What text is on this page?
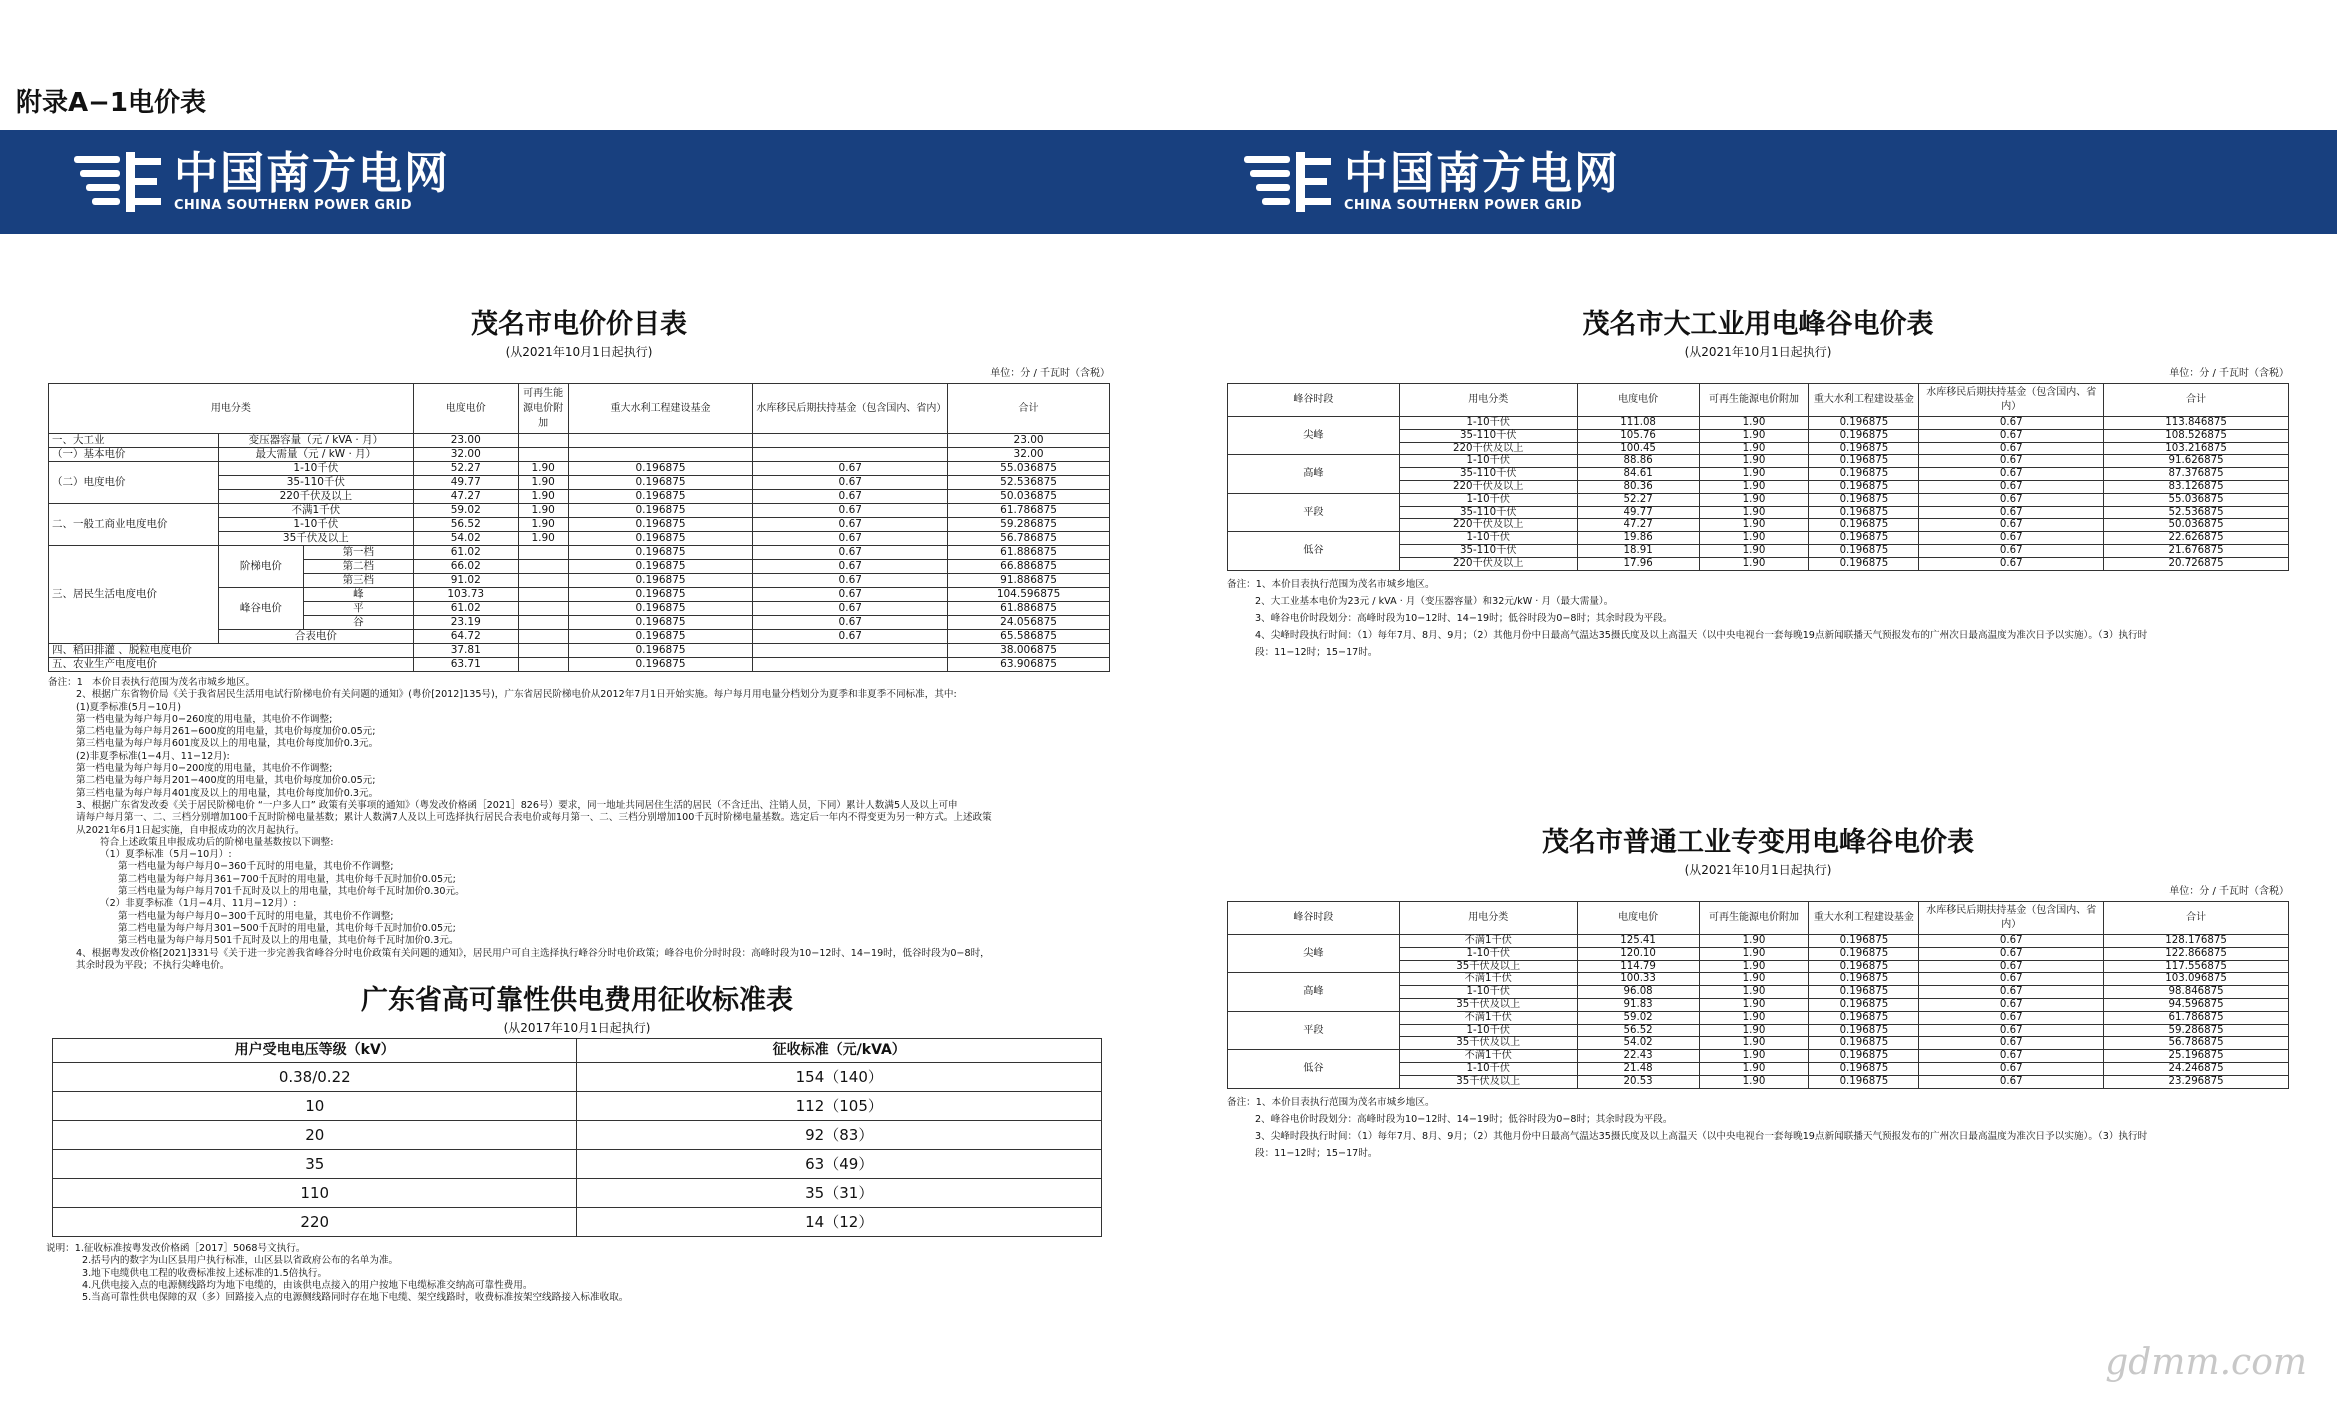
附录A−1电价表
中国南方电网
CHINA SOUTHERN POWER GRID
中国南方电网
CHINA SOUTHERN POWER GRID
茂名市电价价目表
(从2021年10月1日起执行)
单位：分 / 千瓦时（含税）
用电分类			电度电价	可再生能源电价附加	重大水利工程建设基金	水库移民后期扶持基金（包含国内、省内）	合计
一、大工业	变压器容量（元 / kVA · 月）		23.00				23.00
（一）基本电价	最大需量（元 / kW · 月）		32.00				32.00
（二）电度电价	1-10千伏		52.27	1.90	0.196875	0.67	55.036875
	35-110千伏		49.77	1.90	0.196875	0.67	52.536875
	220千伏及以上		47.27	1.90	0.196875	0.67	50.036875
二、一般工商业电度电价	不满1千伏		59.02	1.90	0.196875	0.67	61.786875
	1-10千伏		56.52	1.90	0.196875	0.67	59.286875
	35千伏及以上		54.02	1.90	0.196875	0.67	56.786875
三、居民生活电度电价	阶梯电价	第一档	61.02		0.196875	0.67	61.886875
		第二档	66.02		0.196875	0.67	66.886875
		第三档	91.02		0.196875	0.67	91.886875
	峰谷电价	峰	103.73		0.196875	0.67	104.596875
		平	61.02		0.196875	0.67	61.886875
		谷	23.19		0.196875	0.67	24.056875
	合表电价		64.72		0.196875	0.67	65.586875
四、稻田排灌 、脱粒电度电价			37.81		0.196875		38.006875
五、农业生产电度电价			63.71		0.196875		63.906875
备注：1   本价目表执行范围为茂名市城乡地区。
2、根据广东省物价局《关于我省居民生活用电试行阶梯电价有关问题的通知》(粤价[2012]135号)，广东省居民阶梯电价从2012年7月1日开始实施。每户每月用电量分档划分为夏季和非夏季不同标准，其中:
(1)夏季标准(5月−10月)
第一档电量为每户每月0−260度的用电量，其电价不作调整;
第二档电量为每户每月261−600度的用电量，其电价每度加价0.05元;
第三档电量为每户每月601度及以上的用电量，其电价每度加价0.3元。
(2)非夏季标准(1−4月、11−12月):
第一档电量为每户每月0−200度的用电量，其电价不作调整;
第二档电量为每户每月201−400度的用电量，其电价每度加价0.05元;
第三档电量为每户每月401度及以上的用电量，其电价每度加价0.3元。
3、根据广东省发改委《关于居民阶梯电价 “一户多人口” 政策有关事项的通知》（粤发改价格函［2021］826号）要求，同一地址共同居住生活的居民（不含迁出、注销人员，下同）累计人数满5人及以上可申
请每户每月第一、二、三档分别增加100千瓦时阶梯电量基数；累计人数满7人及以上可选择执行居民合表电价或每月第一、二、三档分别增加100千瓦时阶梯电量基数。选定后一年内不得变更为另一种方式。上述政策
从2021年6月1日起实施，自申报成功的次月起执行。
符合上述政策且申报成功后的阶梯电量基数按以下调整:
（1）夏季标准（5月−10月）:
第一档电量为每户每月0−360千瓦时的用电量，其电价不作调整;
第二档电量为每户每月361−700千瓦时的用电量，其电价每千瓦时加价0.05元;
第三档电量为每户每月701千瓦时及以上的用电量，其电价每千瓦时加价0.30元。
（2）非夏季标准（1月−4月、11月−12月）:
第一档电量为每户每月0−300千瓦时的用电量，其电价不作调整;
第二档电量为每户每月301−500千瓦时的用电量，其电价每千瓦时加价0.05元;
第三档电量为每户每月501千瓦时及以上的用电量，其电价每千瓦时加价0.3元。
4、根据粤发改价格[2021]331号《关于进一步完善我省峰谷分时电价政策有关问题的通知》，居民用户可自主选择执行峰谷分时电价政策；峰谷电价分时时段：高峰时段为10−12时、14−19时，低谷时段为0−8时，
其余时段为平段；不执行尖峰电价。
广东省高可靠性供电费用征收标准表
(从2017年10月1日起执行)
用户受电电压等级（kV）	征收标准（元/kVA）
0.38/0.22	154（140）
10	112（105）
20	92（83）
35	63（49）
110	35（31）
220	14（12）
说明：1.征收标准按粤发改价格函［2017］5068号文执行。
2.括号内的数字为山区县用户执行标准，山区县以省政府公布的名单为准。
3.地下电缆供电工程的收费标准按上述标准的1.5倍执行。
4.凡供电接入点的电源侧线路均为地下电缆的，由该供电点接入的用户按地下电缆标准交纳高可靠性费用。
5.当高可靠性供电保障的双（多）回路接入点的电源侧线路同时存在地下电缆、架空线路时，收费标准按架空线路接入标准收取。
茂名市大工业用电峰谷电价表
(从2021年10月1日起执行)
单位：分 / 千瓦时（含税）
峰谷时段	用电分类	电度电价	可再生能源电价附加	重大水利工程建设基金	水库移民后期扶持基金（包含国内、省内）	合计
尖峰	1-10千伏	111.08	1.90	0.196875	0.67	113.846875
	35-110千伏	105.76	1.90	0.196875	0.67	108.526875
	220千伏及以上	100.45	1.90	0.196875	0.67	103.216875
高峰	1-10千伏	88.86	1.90	0.196875	0.67	91.626875
	35-110千伏	84.61	1.90	0.196875	0.67	87.376875
	220千伏及以上	80.36	1.90	0.196875	0.67	83.126875
平段	1-10千伏	52.27	1.90	0.196875	0.67	55.036875
	35-110千伏	49.77	1.90	0.196875	0.67	52.536875
	220千伏及以上	47.27	1.90	0.196875	0.67	50.036875
低谷	1-10千伏	19.86	1.90	0.196875	0.67	22.626875
	35-110千伏	18.91	1.90	0.196875	0.67	21.676875
	220千伏及以上	17.96	1.90	0.196875	0.67	20.726875
备注：1、本价目表执行范围为茂名市城乡地区。
2、大工业基本电价为23元 / kVA · 月（变压器容量）和32元/kW · 月（最大需量）。
3、峰谷电价时段划分：高峰时段为10−12时、14−19时；低谷时段为0−8时；其余时段为平段。
4、尖峰时段执行时间：（1）每年7月、8月、9月；（2）其他月份中日最高气温达35摄氏度及以上高温天（以中央电视台一套每晚19点新闻联播天气预报发布的广州次日最高温度为准次日予以实施）。（3）执行时
段：11−12时；15−17时。
茂名市普通工业专变用电峰谷电价表
(从2021年10月1日起执行)
单位：分 / 千瓦时（含税）
峰谷时段	用电分类	电度电价	可再生能源电价附加	重大水利工程建设基金	水库移民后期扶持基金（包含国内、省内）	合计
尖峰	不满1千伏	125.41	1.90	0.196875	0.67	128.176875
	1-10千伏	120.10	1.90	0.196875	0.67	122.866875
	35千伏及以上	114.79	1.90	0.196875	0.67	117.556875
高峰	不满1千伏	100.33	1.90	0.196875	0.67	103.096875
	1-10千伏	96.08	1.90	0.196875	0.67	98.846875
	35千伏及以上	91.83	1.90	0.196875	0.67	94.596875
平段	不满1千伏	59.02	1.90	0.196875	0.67	61.786875
	1-10千伏	56.52	1.90	0.196875	0.67	59.286875
	35千伏及以上	54.02	1.90	0.196875	0.67	56.786875
低谷	不满1千伏	22.43	1.90	0.196875	0.67	25.196875
	1-10千伏	21.48	1.90	0.196875	0.67	24.246875
	35千伏及以上	20.53	1.90	0.196875	0.67	23.296875
备注：1、本价目表执行范围为茂名市城乡地区。
2、峰谷电价时段划分：高峰时段为10−12时、14−19时；低谷时段为0−8时；其余时段为平段。
3、尖峰时段执行时间：（1）每年7月、8月、9月；（2）其他月份中日最高气温达35摄氏度及以上高温天（以中央电视台一套每晚19点新闻联播天气预报发布的广州次日最高温度为准次日予以实施）。（3）执行时
段：11−12时；15−17时。
gdmm.com
